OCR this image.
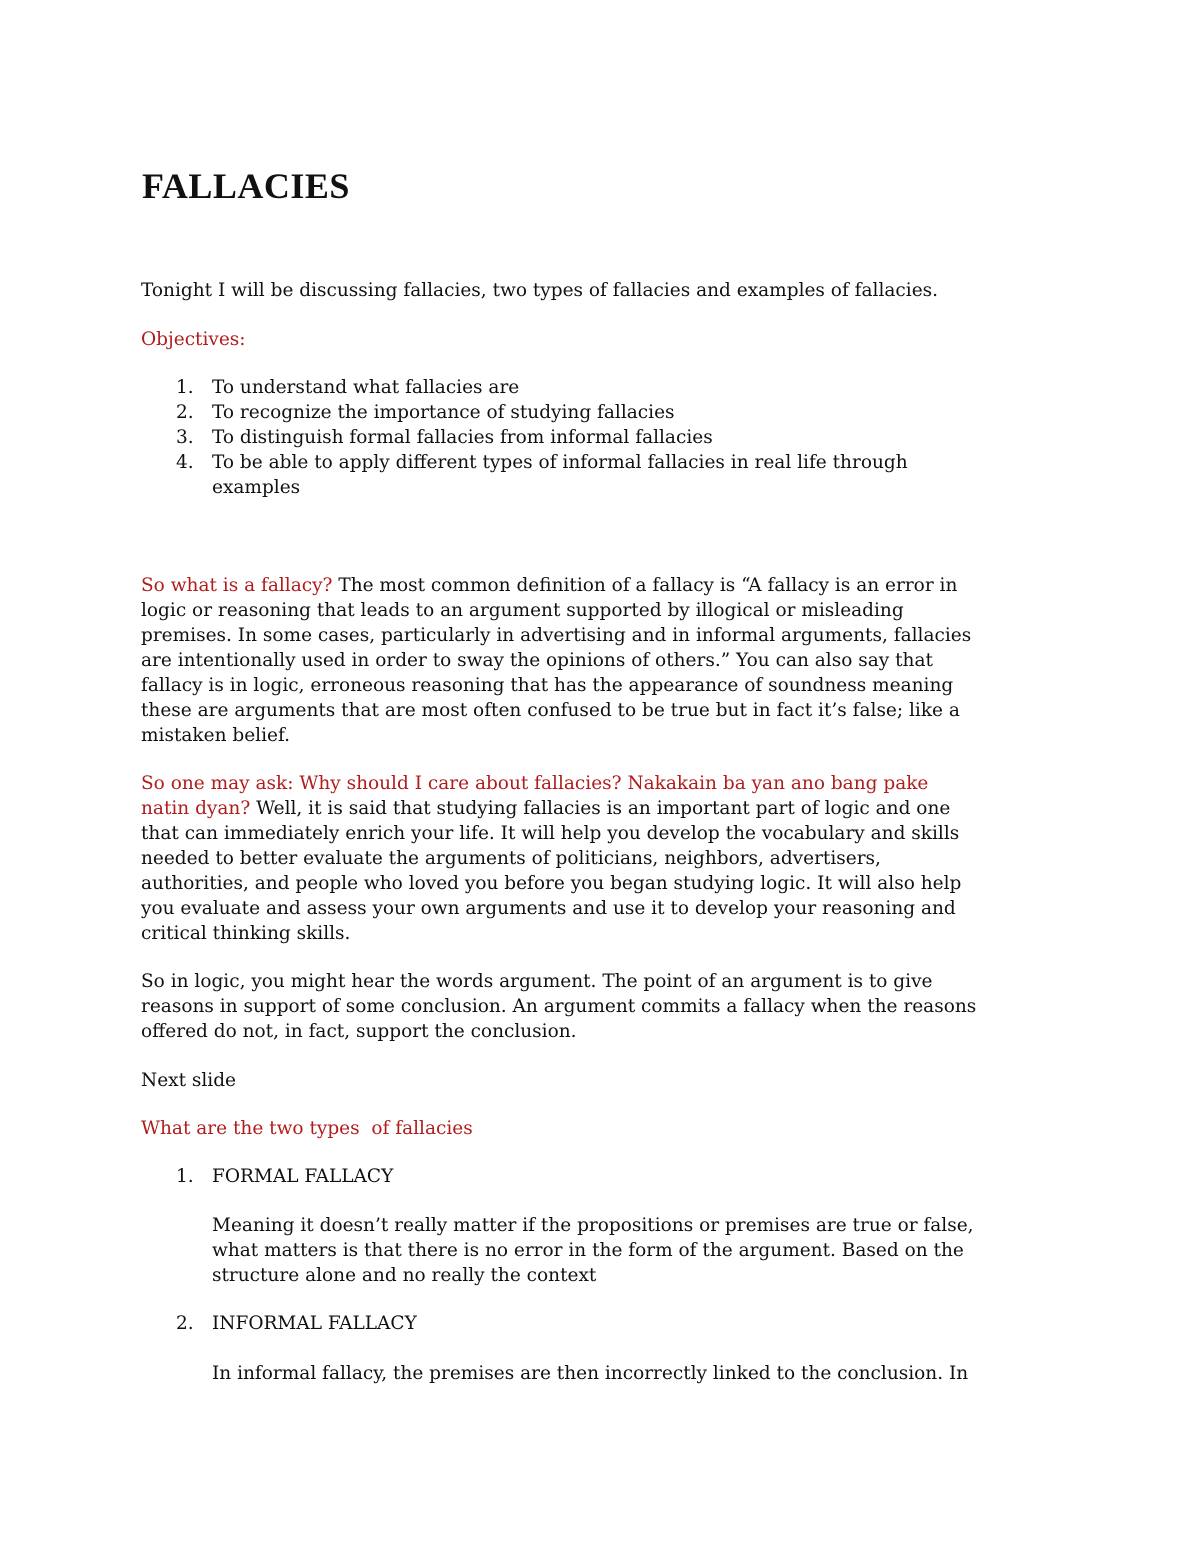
FALLACIES

Tonight I will be discussing fallacies, two types of fallacies and examples of fallacies.

Objectives:

1. To understand what fallacies are
2. To recognize the importance of studying fallacies
3. To distinguish formal fallacies from informal fallacies
4. To be able to apply different types of informal fallacies in real life through examples

So what is a fallacy? The most common definition of a fallacy is “A fallacy is an error in logic or reasoning that leads to an argument supported by illogical or misleading premises. In some cases, particularly in advertising and in informal arguments, fallacies are intentionally used in order to sway the opinions of others.” You can also say that fallacy is in logic, erroneous reasoning that has the appearance of soundness meaning these are arguments that are most often confused to be true but in fact it’s false; like a mistaken belief.

So one may ask: Why should I care about fallacies? Nakakain ba yan ano bang pake natin dyan? Well, it is said that studying fallacies is an important part of logic and one that can immediately enrich your life. It will help you develop the vocabulary and skills needed to better evaluate the arguments of politicians, neighbors, advertisers, authorities, and people who loved you before you began studying logic. It will also help you evaluate and assess your own arguments and use it to develop your reasoning and critical thinking skills.

So in logic, you might hear the words argument. The point of an argument is to give reasons in support of some conclusion. An argument commits a fallacy when the reasons offered do not, in fact, support the conclusion.

Next slide

What are the two types  of fallacies

1. FORMAL FALLACY

Meaning it doesn’t really matter if the propositions or premises are true or false, what matters is that there is no error in the form of the argument. Based on the structure alone and no really the context

2. INFORMAL FALLACY

In informal fallacy, the premises are then incorrectly linked to the conclusion. In
